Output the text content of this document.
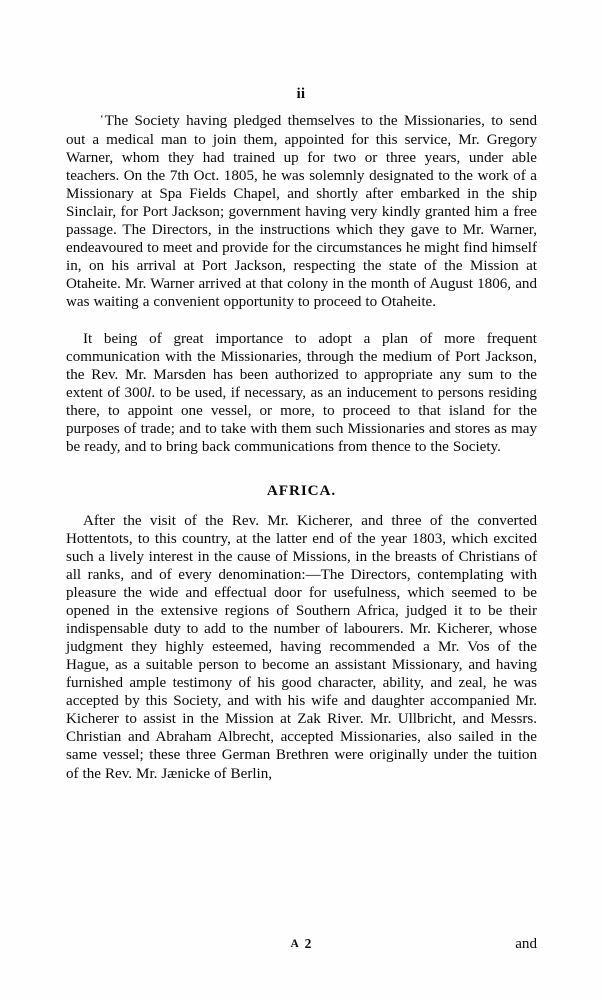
ii

‘The Society having pledged themselves to the Missionaries, to send out a medical man to join them, appointed for this service, Mr. Gregory Warner, whom they had trained up for two or three years, under able teachers. On the 7th Oct. 1805, he was solemnly designated to the work of a Missionary at Spa Fields Chapel, and shortly after embarked in the ship Sinclair, for Port Jackson; government having very kindly granted him a free passage. The Directors, in the instructions which they gave to Mr. Warner, endeavoured to meet and provide for the circumstances he might find himself in, on his arrival at Port Jackson, respecting the state of the Mission at Otaheite. Mr. Warner arrived at that colony in the month of August 1806, and was waiting a convenient opportunity to proceed to Otaheite.

It being of great importance to adopt a plan of more frequent communication with the Missionaries, through the medium of Port Jackson, the Rev. Mr. Marsden has been authorized to appropriate any sum to the extent of 300l. to be used, if necessary, as an inducement to persons residing there, to appoint one vessel, or more, to proceed to that island for the purposes of trade; and to take with them such Missionaries and stores as may be ready, and to bring back communications from thence to the Society.

AFRICA.

After the visit of the Rev. Mr. Kicherer, and three of the converted Hottentots, to this country, at the latter end of the year 1803, which excited such a lively interest in the cause of Missions, in the breasts of Christians of all ranks, and of every denomination:—The Directors, contemplating with pleasure the wide and effectual door for usefulness, which seemed to be opened in the extensive regions of Southern Africa, judged it to be their indispensable duty to add to the number of labourers. Mr. Kicherer, whose judgment they highly esteemed, having recommended a Mr. Vos of the Hague, as a suitable person to become an assistant Missionary, and having furnished ample testimony of his good character, ability, and zeal, he was accepted by this Society, and with his wife and daughter accompanied Mr. Kicherer to assist in the Mission at Zak River. Mr. Ullbricht, and Messrs. Christian and Abraham Albrecht, accepted Missionaries, also sailed in the same vessel; these three German Brethren were originally under the tuition of the Rev. Mr. Jænicke of Berlin,

A 2	and
